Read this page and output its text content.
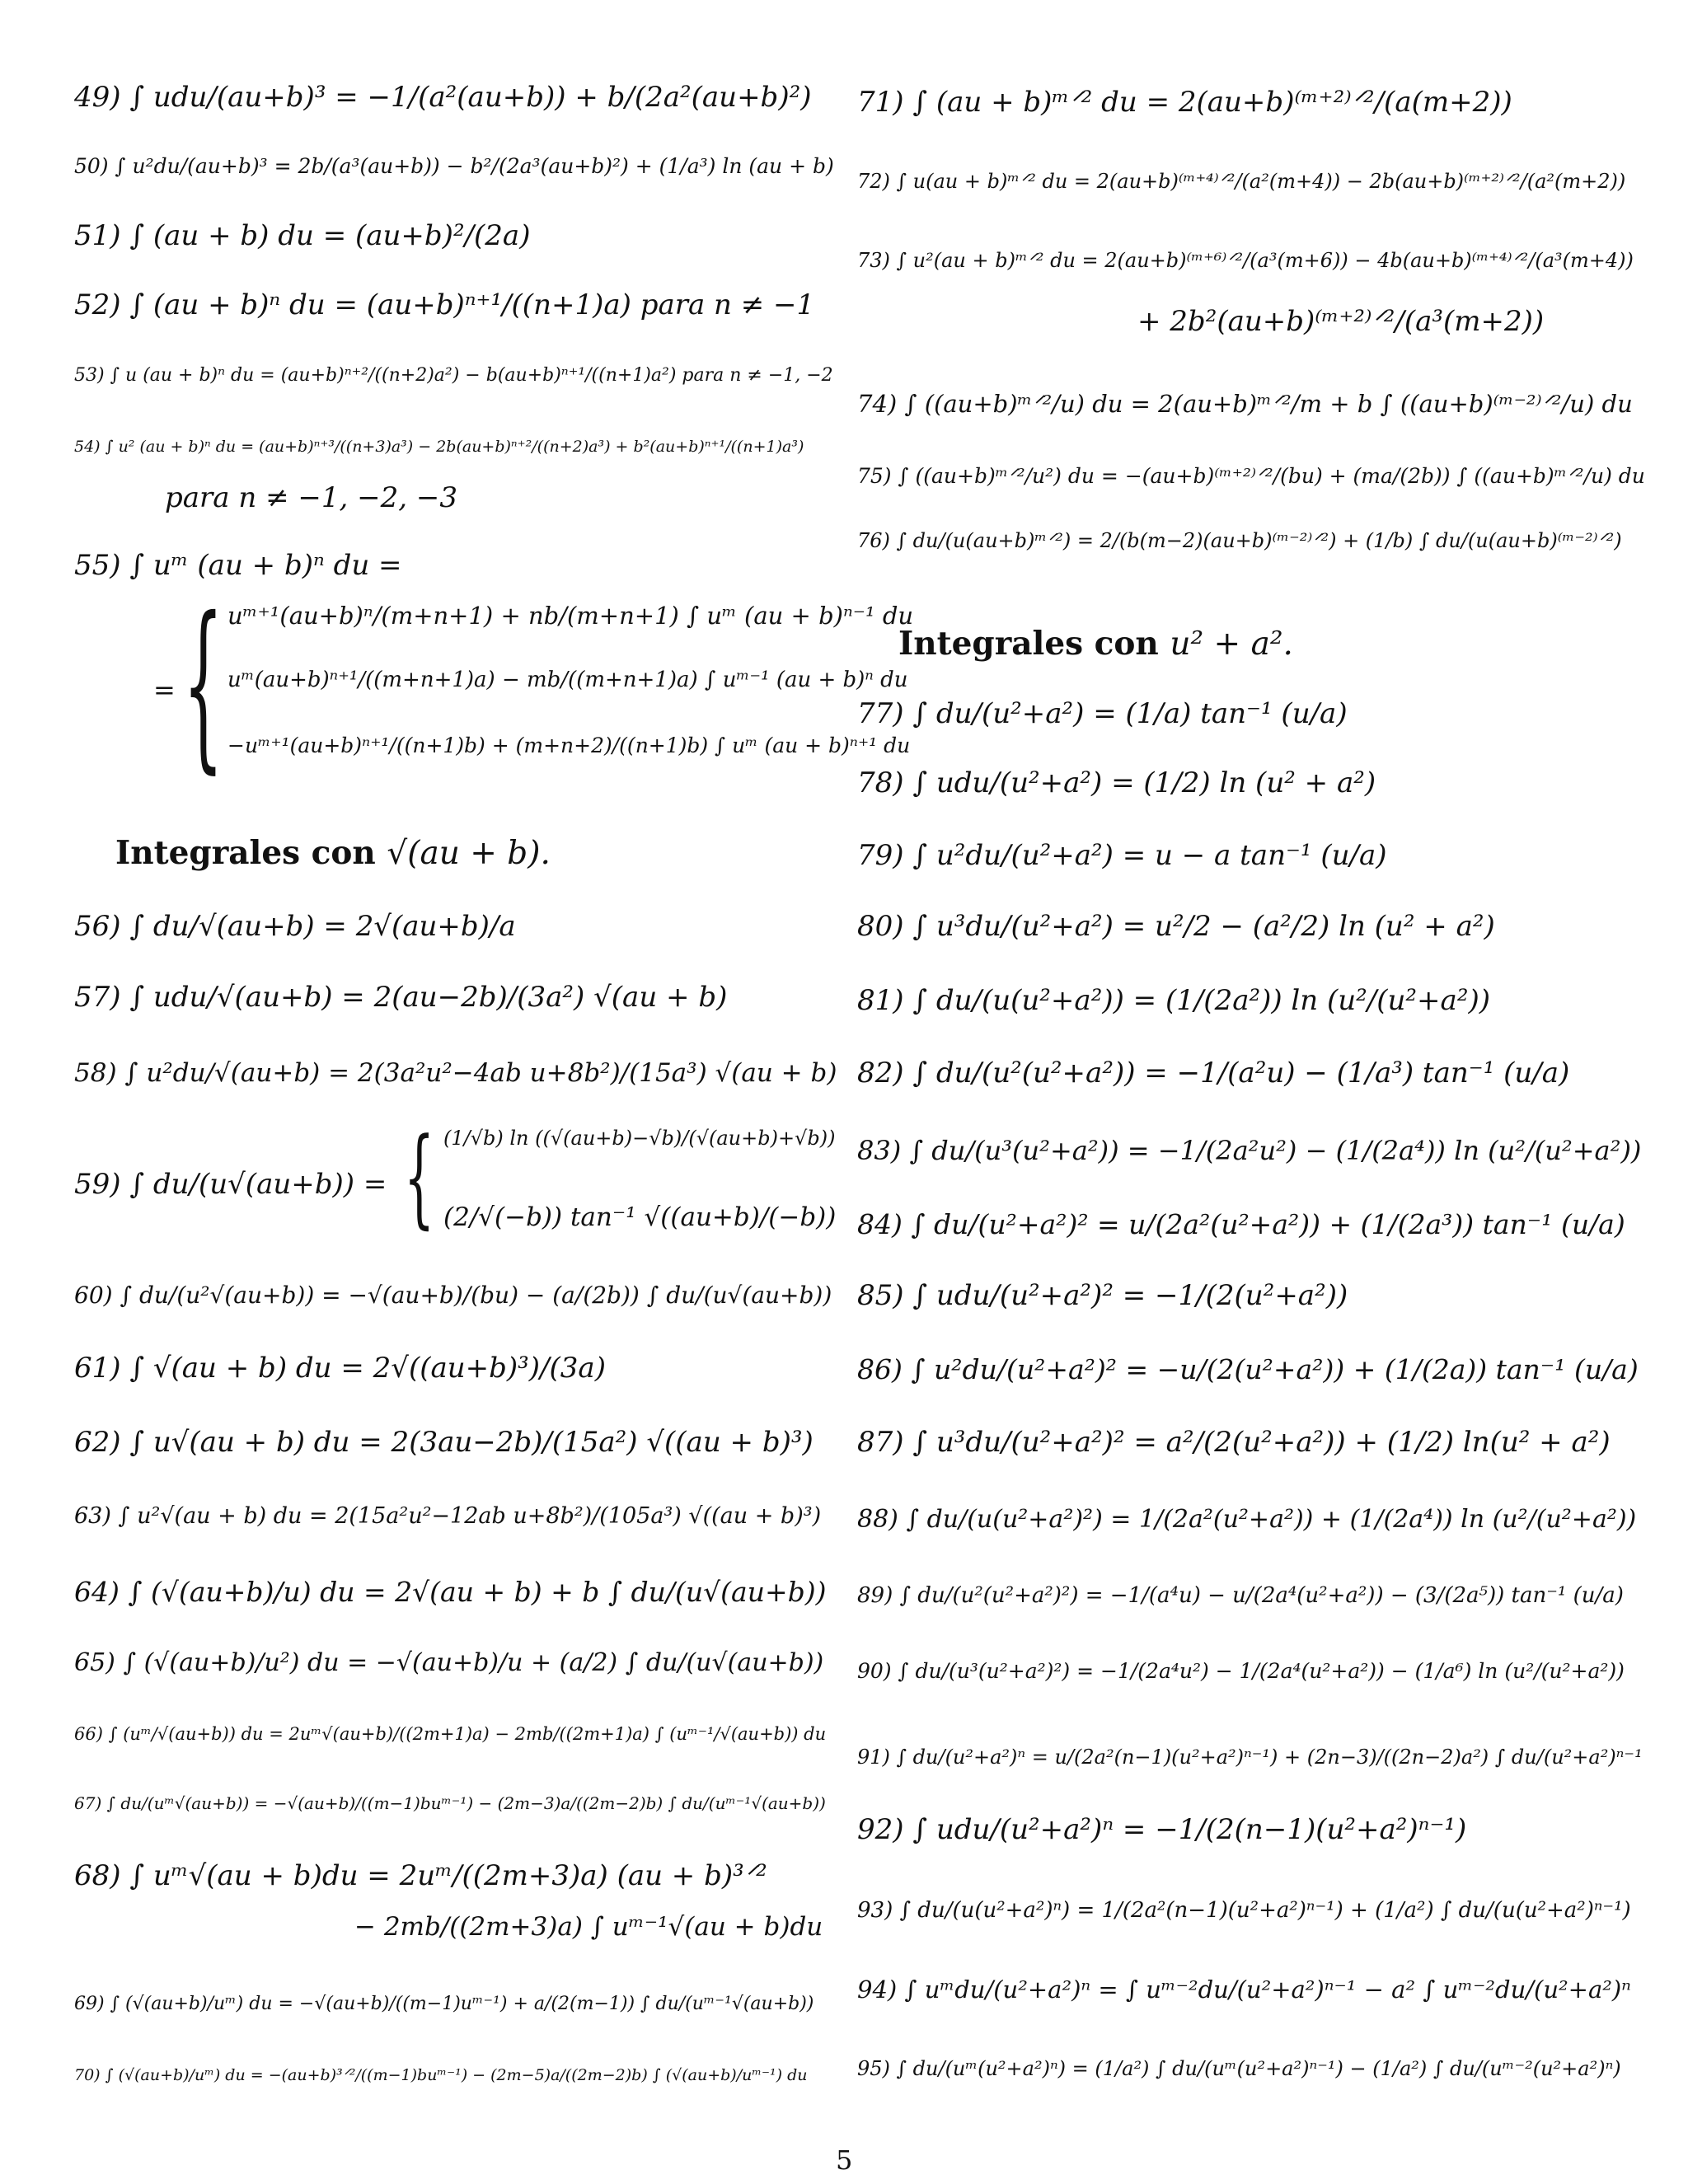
49) ∫ udu/(au+b)³ = −1/(a²(au+b)) + b/(2a²(au+b)²)
50) ∫ u²du/(au+b)³ = 2b/(a³(au+b)) − b²/(2a³(au+b)²) + (1/a³) ln (au + b)
51) ∫ (au + b) du = (au+b)²/(2a)
52) ∫ (au + b)ⁿ du = (au+b)ⁿ⁺¹/((n+1)a) para n ≠ −1
53) ∫ u (au + b)ⁿ du = (au+b)ⁿ⁺²/((n+2)a²) − b(au+b)ⁿ⁺¹/((n+1)a²) para n ≠ −1, −2
54) ∫ u² (au + b)ⁿ du = (au+b)ⁿ⁺³/((n+3)a³) − 2b(au+b)ⁿ⁺²/((n+2)a³) + b²(au+b)ⁿ⁺¹/((n+1)a³)
para n ≠ −1, −2, −3
55) ∫ uᵐ (au + b)ⁿ du =
= { uᵐ⁺¹(au+b)ⁿ/(m+n+1) + nb/(m+n+1) ∫ uᵐ (au + b)ⁿ⁻¹ du
uᵐ(au+b)ⁿ⁺¹/((m+n+1)a) − mb/((m+n+1)a) ∫ uᵐ⁻¹ (au + b)ⁿ du
−uᵐ⁺¹(au+b)ⁿ⁺¹/((n+1)b) + (m+n+2)/((n+1)b) ∫ uᵐ (au + b)ⁿ⁺¹ du
Integrales con √(au + b).
56) ∫ du/√(au+b) = 2√(au+b)/a
57) ∫ udu/√(au+b) = 2(au−2b)/(3a²) √(au + b)
58) ∫ u²du/√(au+b) = 2(3a²u²−4ab u+8b²)/(15a³) √(au + b)
59) ∫ du/(u√(au+b)) = { (1/√b) ln ((√(au+b)−√b)/(√(au+b)+√b))
(2/√(−b)) tan⁻¹ √((au+b)/(−b))
60) ∫ du/(u²√(au+b)) = −√(au+b)/(bu) − (a/(2b)) ∫ du/(u√(au+b))
61) ∫ √(au + b) du = 2√((au+b)³)/(3a)
62) ∫ u√(au + b) du = 2(3au−2b)/(15a²) √((au + b)³)
63) ∫ u²√(au + b) du = 2(15a²u²−12ab u+8b²)/(105a³) √((au + b)³)
64) ∫ (√(au+b)/u) du = 2√(au + b) + b ∫ du/(u√(au+b))
65) ∫ (√(au+b)/u²) du = −√(au+b)/u + (a/2) ∫ du/(u√(au+b))
66) ∫ (uᵐ/√(au+b)) du = 2uᵐ√(au+b)/((2m+1)a) − 2mb/((2m+1)a) ∫ (uᵐ⁻¹/√(au+b)) du
67) ∫ du/(uᵐ√(au+b)) = −√(au+b)/((m−1)buᵐ⁻¹) − (2m−3)a/((2m−2)b) ∫ du/(uᵐ⁻¹√(au+b))
68) ∫ uᵐ√(au + b)du = 2uᵐ/((2m+3)a) (au + b)³ᐟ²
− 2mb/((2m+3)a) ∫ uᵐ⁻¹√(au + b)du
69) ∫ (√(au+b)/uᵐ) du = −√(au+b)/((m−1)uᵐ⁻¹) + a/(2(m−1)) ∫ du/(uᵐ⁻¹√(au+b))
70) ∫ (√(au+b)/uᵐ) du = −(au+b)³ᐟ²/((m−1)buᵐ⁻¹) − (2m−5)a/((2m−2)b) ∫ (√(au+b)/uᵐ⁻¹) du
71) ∫ (au + b)ᵐᐟ² du = 2(au+b)⁽ᵐ⁺²⁾ᐟ²/(a(m+2))
72) ∫ u(au + b)ᵐᐟ² du = 2(au+b)⁽ᵐ⁺⁴⁾ᐟ²/(a²(m+4)) − 2b(au+b)⁽ᵐ⁺²⁾ᐟ²/(a²(m+2))
73) ∫ u²(au + b)ᵐᐟ² du = 2(au+b)⁽ᵐ⁺⁶⁾ᐟ²/(a³(m+6)) − 4b(au+b)⁽ᵐ⁺⁴⁾ᐟ²/(a³(m+4))
+ 2b²(au+b)⁽ᵐ⁺²⁾ᐟ²/(a³(m+2))
74) ∫ ((au+b)ᵐᐟ²/u) du = 2(au+b)ᵐᐟ²/m + b ∫ ((au+b)⁽ᵐ⁻²⁾ᐟ²/u) du
75) ∫ ((au+b)ᵐᐟ²/u²) du = −(au+b)⁽ᵐ⁺²⁾ᐟ²/(bu) + (ma/(2b)) ∫ ((au+b)ᵐᐟ²/u) du
76) ∫ du/(u(au+b)ᵐᐟ²) = 2/(b(m−2)(au+b)⁽ᵐ⁻²⁾ᐟ²) + (1/b) ∫ du/(u(au+b)⁽ᵐ⁻²⁾ᐟ²)
Integrales con u² + a².
77) ∫ du/(u²+a²) = (1/a) tan⁻¹ (u/a)
78) ∫ udu/(u²+a²) = (1/2) ln (u² + a²)
79) ∫ u²du/(u²+a²) = u − a tan⁻¹ (u/a)
80) ∫ u³du/(u²+a²) = u²/2 − (a²/2) ln (u² + a²)
81) ∫ du/(u(u²+a²)) = (1/(2a²)) ln (u²/(u²+a²))
82) ∫ du/(u²(u²+a²)) = −1/(a²u) − (1/a³) tan⁻¹ (u/a)
83) ∫ du/(u³(u²+a²)) = −1/(2a²u²) − (1/(2a⁴)) ln (u²/(u²+a²))
84) ∫ du/(u²+a²)² = u/(2a²(u²+a²)) + (1/(2a³)) tan⁻¹ (u/a)
85) ∫ udu/(u²+a²)² = −1/(2(u²+a²))
86) ∫ u²du/(u²+a²)² = −u/(2(u²+a²)) + (1/(2a)) tan⁻¹ (u/a)
87) ∫ u³du/(u²+a²)² = a²/(2(u²+a²)) + (1/2) ln(u² + a²)
88) ∫ du/(u(u²+a²)²) = 1/(2a²(u²+a²)) + (1/(2a⁴)) ln (u²/(u²+a²))
89) ∫ du/(u²(u²+a²)²) = −1/(a⁴u) − u/(2a⁴(u²+a²)) − (3/(2a⁵)) tan⁻¹ (u/a)
90) ∫ du/(u³(u²+a²)²) = −1/(2a⁴u²) − 1/(2a⁴(u²+a²)) − (1/a⁶) ln (u²/(u²+a²))
91) ∫ du/(u²+a²)ⁿ = u/(2a²(n−1)(u²+a²)ⁿ⁻¹) + (2n−3)/((2n−2)a²) ∫ du/(u²+a²)ⁿ⁻¹
92) ∫ udu/(u²+a²)ⁿ = −1/(2(n−1)(u²+a²)ⁿ⁻¹)
93) ∫ du/(u(u²+a²)ⁿ) = 1/(2a²(n−1)(u²+a²)ⁿ⁻¹) + (1/a²) ∫ du/(u(u²+a²)ⁿ⁻¹)
94) ∫ uᵐdu/(u²+a²)ⁿ = ∫ uᵐ⁻²du/(u²+a²)ⁿ⁻¹ − a² ∫ uᵐ⁻²du/(u²+a²)ⁿ
95) ∫ du/(uᵐ(u²+a²)ⁿ) = (1/a²) ∫ du/(uᵐ(u²+a²)ⁿ⁻¹) − (1/a²) ∫ du/(uᵐ⁻²(u²+a²)ⁿ)
5
